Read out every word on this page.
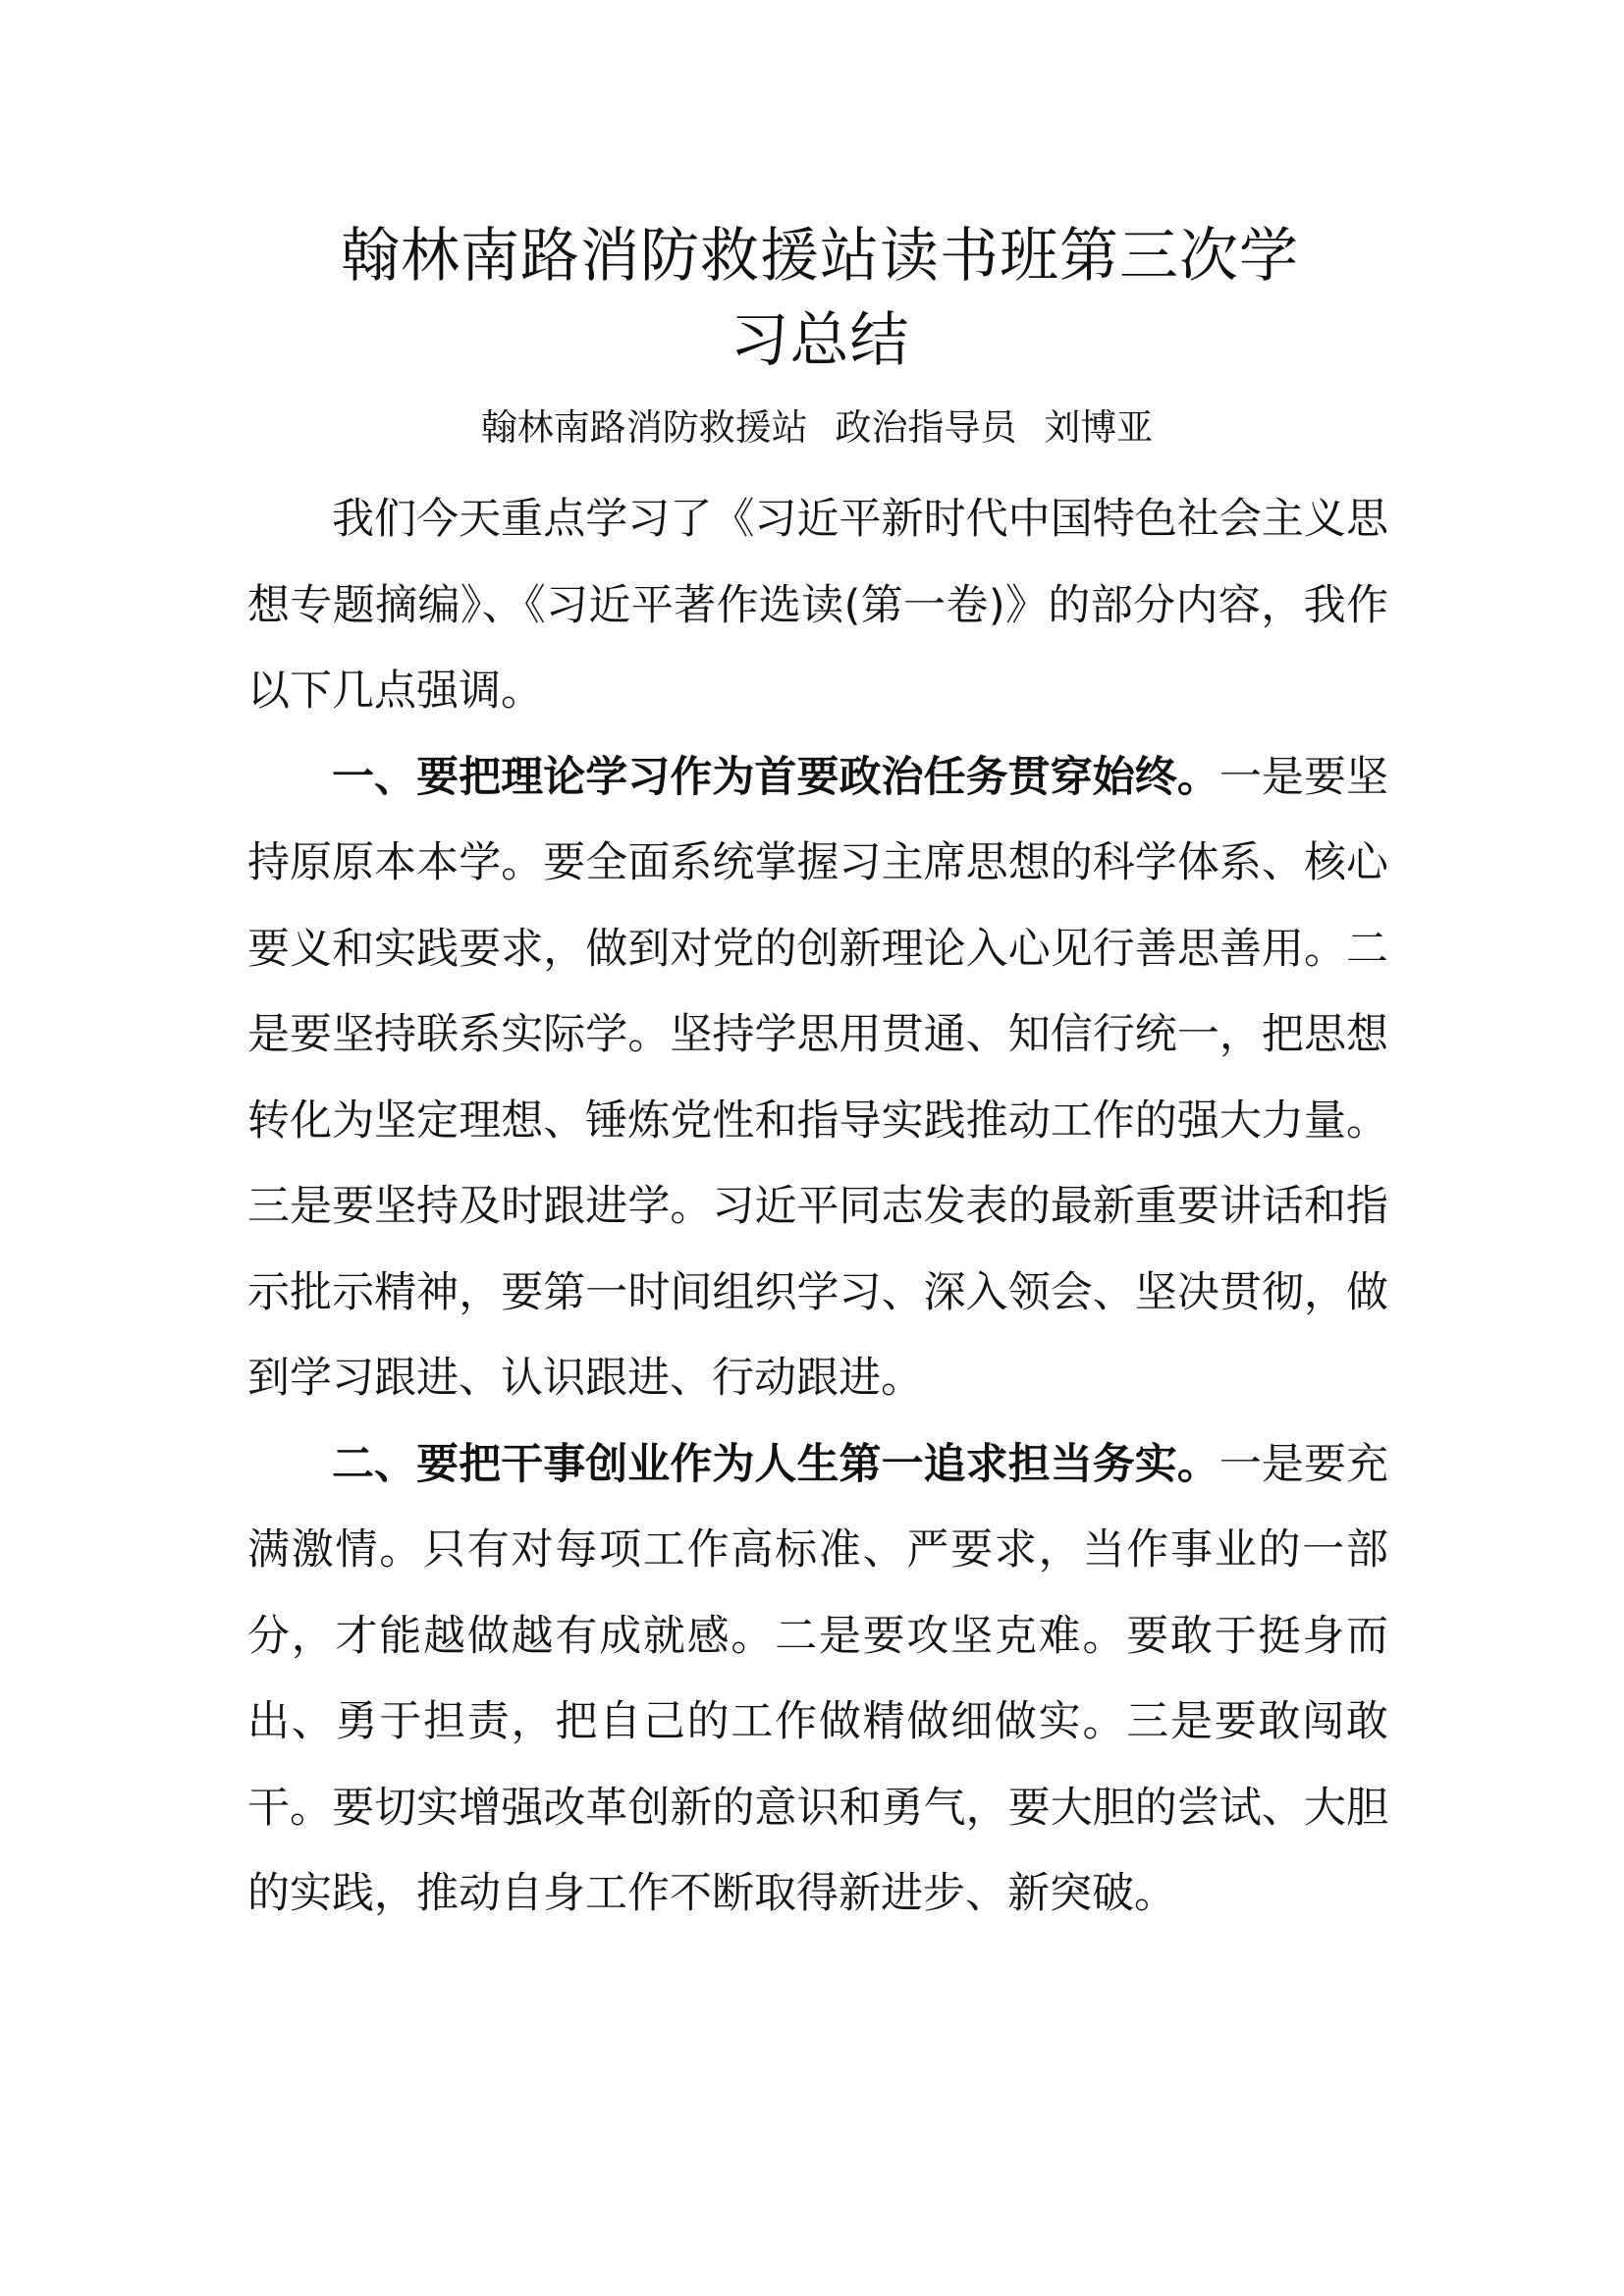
翰林南路消防救援站读书班第三次学
习总结
翰林南路消防救援站 政治指导员 刘博亚

我们今天重点学习了《习近平新时代中国特色社会主义思想专题摘编》、《习近平著作选读(第一卷)》的部分内容，我作以下几点强调。

一、要把理论学习作为首要政治任务贯穿始终。一是要坚持原原本本学。要全面系统掌握习主席思想的科学体系、核心要义和实践要求，做到对党的创新理论入心见行善思善用。二是要坚持联系实际学。坚持学思用贯通、知信行统一，把思想转化为坚定理想、锤炼党性和指导实践推动工作的强大力量。三是要坚持及时跟进学。习近平同志发表的最新重要讲话和指示批示精神，要第一时间组织学习、深入领会、坚决贯彻，做到学习跟进、认识跟进、行动跟进。

二、要把干事创业作为人生第一追求担当务实。一是要充满激情。只有对每项工作高标准、严要求，当作事业的一部分，才能越做越有成就感。二是要攻坚克难。要敢于挺身而出、勇于担责，把自己的工作做精做细做实。三是要敢闯敢干。要切实增强改革创新的意识和勇气，要大胆的尝试、大胆的实践，推动自身工作不断取得新进步、新突破。
